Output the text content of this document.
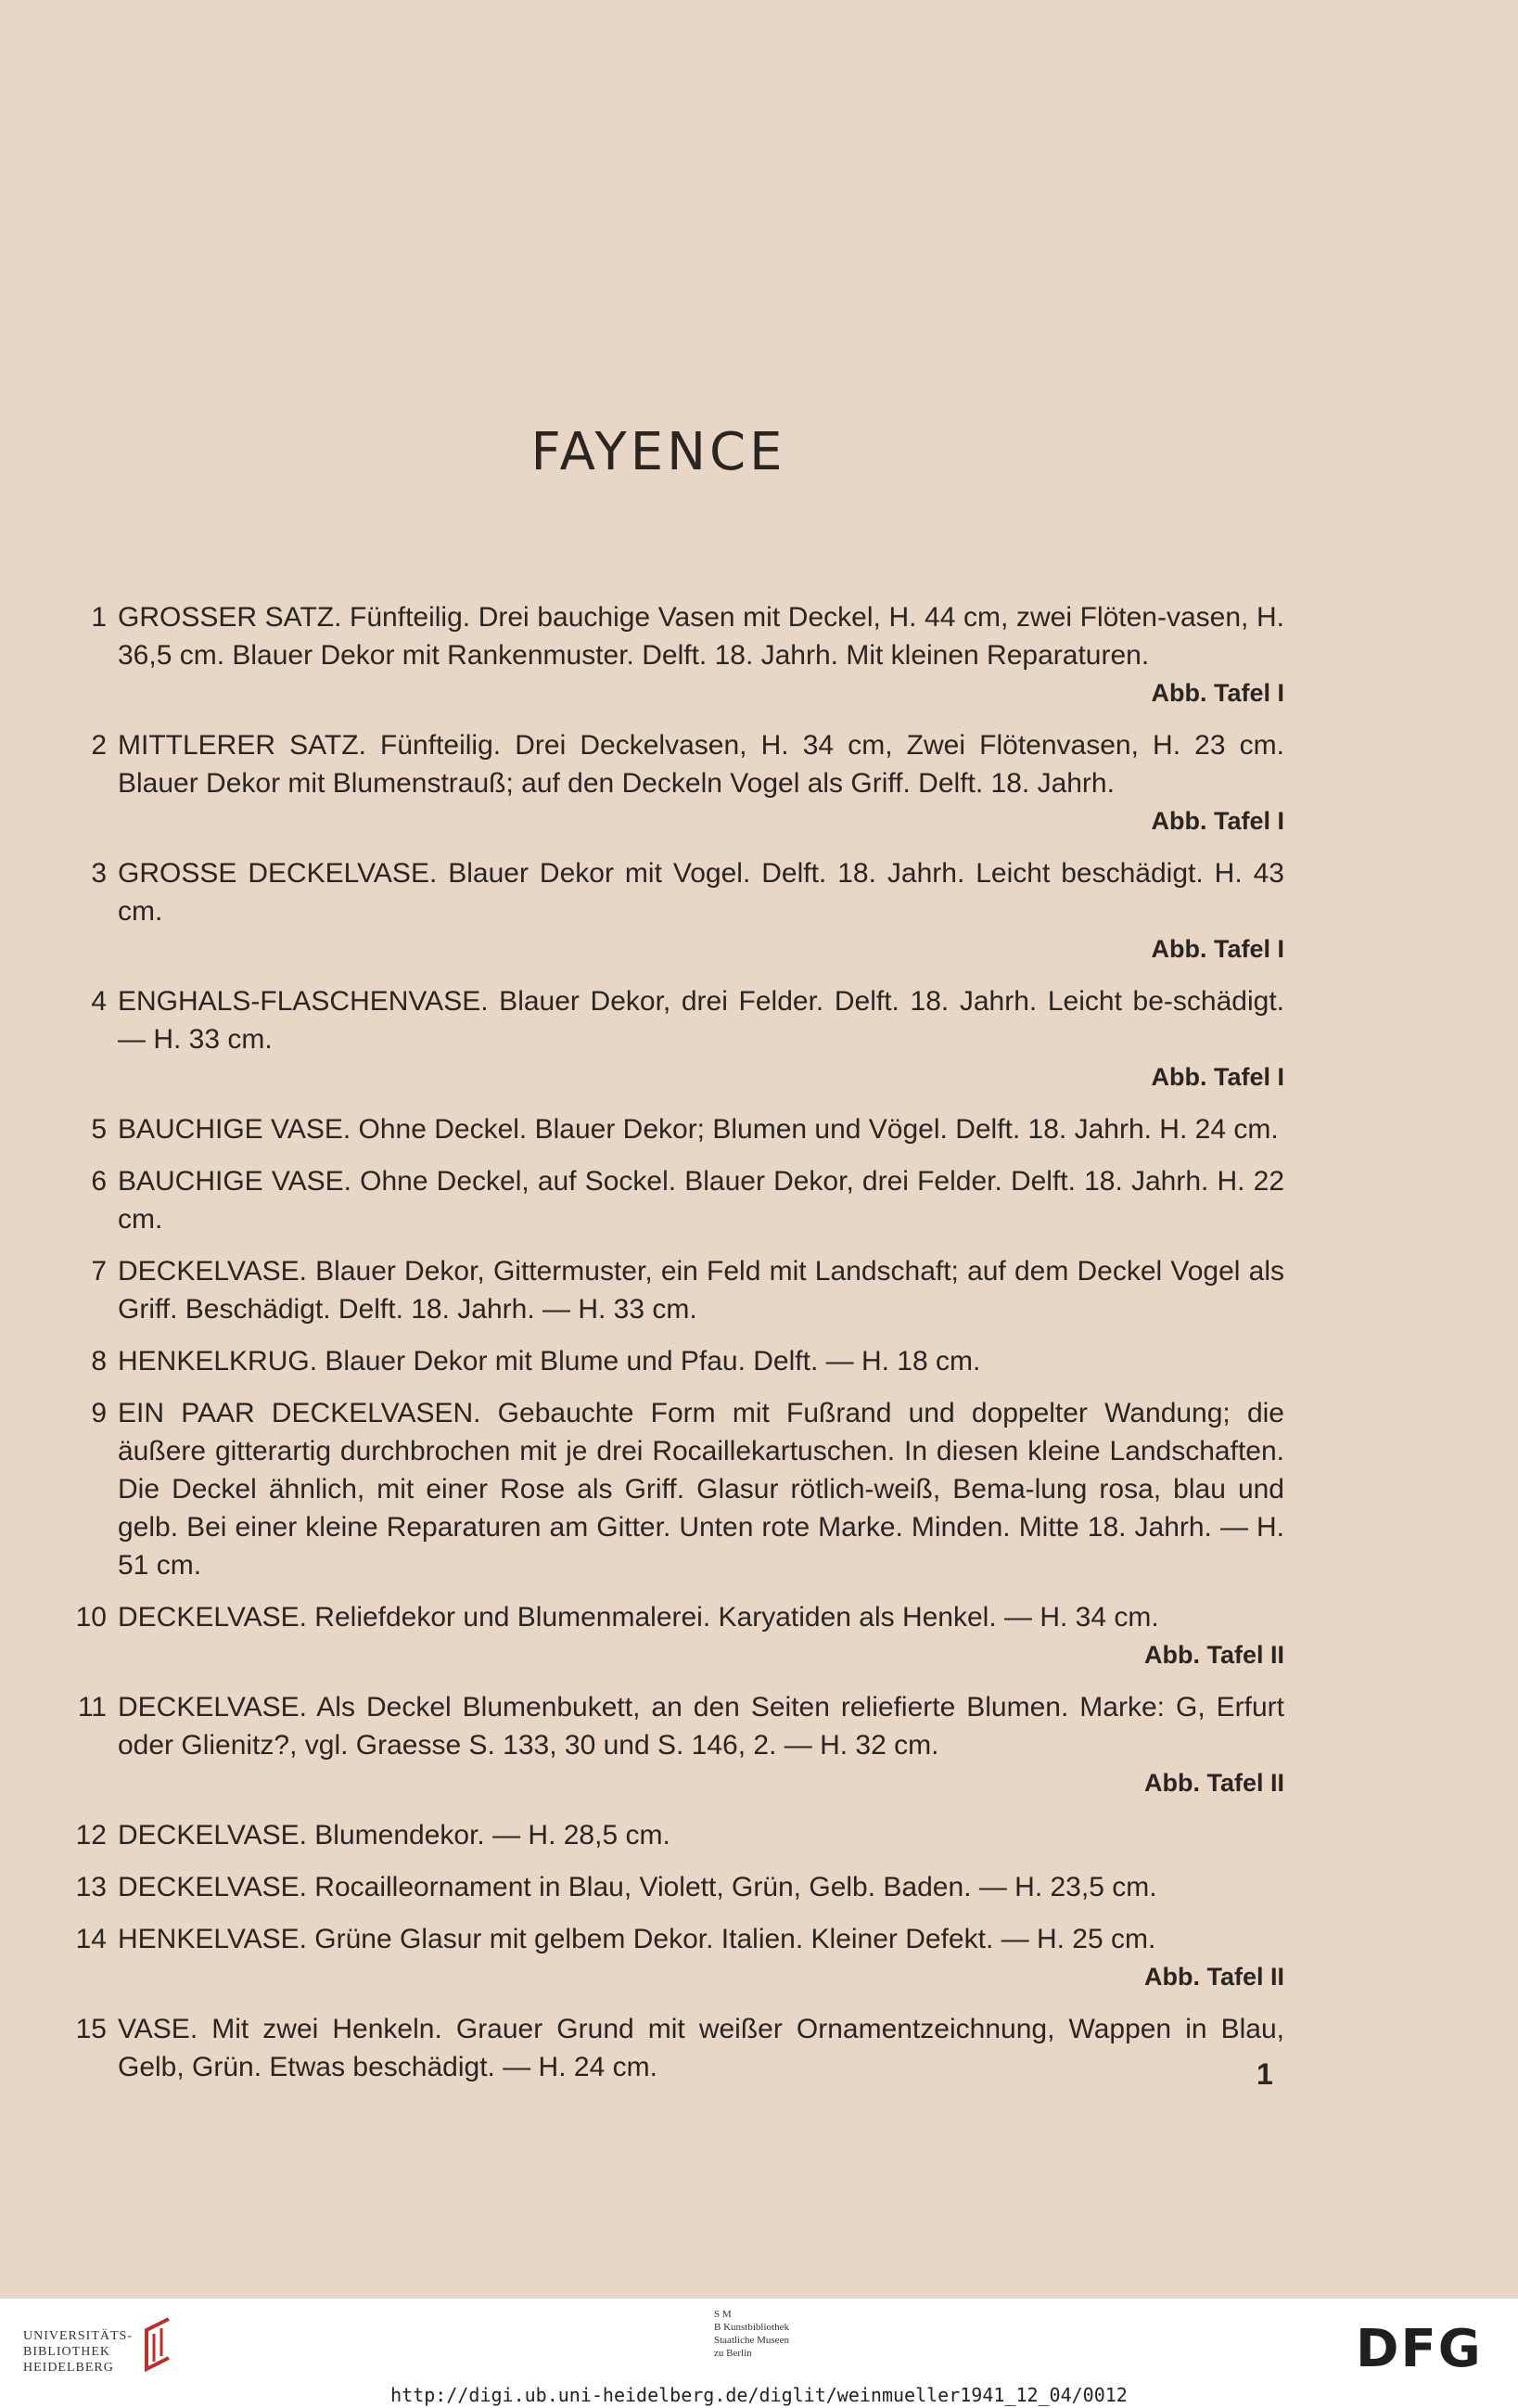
FAYENCE
1 GROSSER SATZ. Fünfteilig. Drei bauchige Vasen mit Deckel, H. 44 cm, zwei Flöten-vasen, H. 36,5 cm. Blauer Dekor mit Rankenmuster. Delft. 18. Jahrh. Mit kleinen Reparaturen.
Abb. Tafel I
2 MITTLERER SATZ. Fünfteilig. Drei Deckelvasen, H. 34 cm, Zwei Flötenvasen, H. 23 cm. Blauer Dekor mit Blumenstrauß; auf den Deckeln Vogel als Griff. Delft. 18. Jahrh.
Abb. Tafel I
3 GROSSE DECKELVASE. Blauer Dekor mit Vogel. Delft. 18. Jahrh. Leicht beschädigt. H. 43 cm.
Abb. Tafel I
4 ENGHALS-FLASCHENVASE. Blauer Dekor, drei Felder. Delft. 18. Jahrh. Leicht be-schädigt. — H. 33 cm.
Abb. Tafel I
5 BAUCHIGE VASE. Ohne Deckel. Blauer Dekor; Blumen und Vögel. Delft. 18. Jahrh. H. 24 cm.
6 BAUCHIGE VASE. Ohne Deckel, auf Sockel. Blauer Dekor, drei Felder. Delft. 18. Jahrh. H. 22 cm.
7 DECKELVASE. Blauer Dekor, Gittermuster, ein Feld mit Landschaft; auf dem Deckel Vogel als Griff. Beschädigt. Delft. 18. Jahrh. — H. 33 cm.
8 HENKELKRUG. Blauer Dekor mit Blume und Pfau. Delft. — H. 18 cm.
9 EIN PAAR DECKELVASEN. Gebauchte Form mit Fußrand und doppelter Wandung; die äußere gitterartig durchbrochen mit je drei Rocaillekartuschen. In diesen kleine Landschaften. Die Deckel ähnlich, mit einer Rose als Griff. Glasur rötlich-weiß, Bema-lung rosa, blau und gelb. Bei einer kleine Reparaturen am Gitter. Unten rote Marke. Minden. Mitte 18. Jahrh. — H. 51 cm.
10 DECKELVASE. Reliefdekor und Blumenmalerei. Karyatiden als Henkel. — H. 34 cm.
Abb. Tafel II
11 DECKELVASE. Als Deckel Blumenbukett, an den Seiten reliefierte Blumen. Marke: G, Erfurt oder Glienitz?, vgl. Graesse S. 133, 30 und S. 146, 2. — H. 32 cm.
Abb. Tafel II
12 DECKELVASE. Blumendekor. — H. 28,5 cm.
13 DECKELVASE. Rocailleornament in Blau, Violett, Grün, Gelb. Baden. — H. 23,5 cm.
14 HENKELVASE. Grüne Glasur mit gelbem Dekor. Italien. Kleiner Defekt. — H. 25 cm.
Abb. Tafel II
15 VASE. Mit zwei Henkeln. Grauer Grund mit weißer Ornamentzeichnung, Wappen in Blau, Gelb, Grün. Etwas beschädigt. — H. 24 cm.	1
UNIVERSITÄTS-
BIBLIOTHEK
HEIDELBERG
S M
B Kunstbibliothek
Staatliche Museen
zu Berlin
http://digi.ub.uni-heidelberg.de/diglit/weinmueller1941_12_04/0012
DFG
